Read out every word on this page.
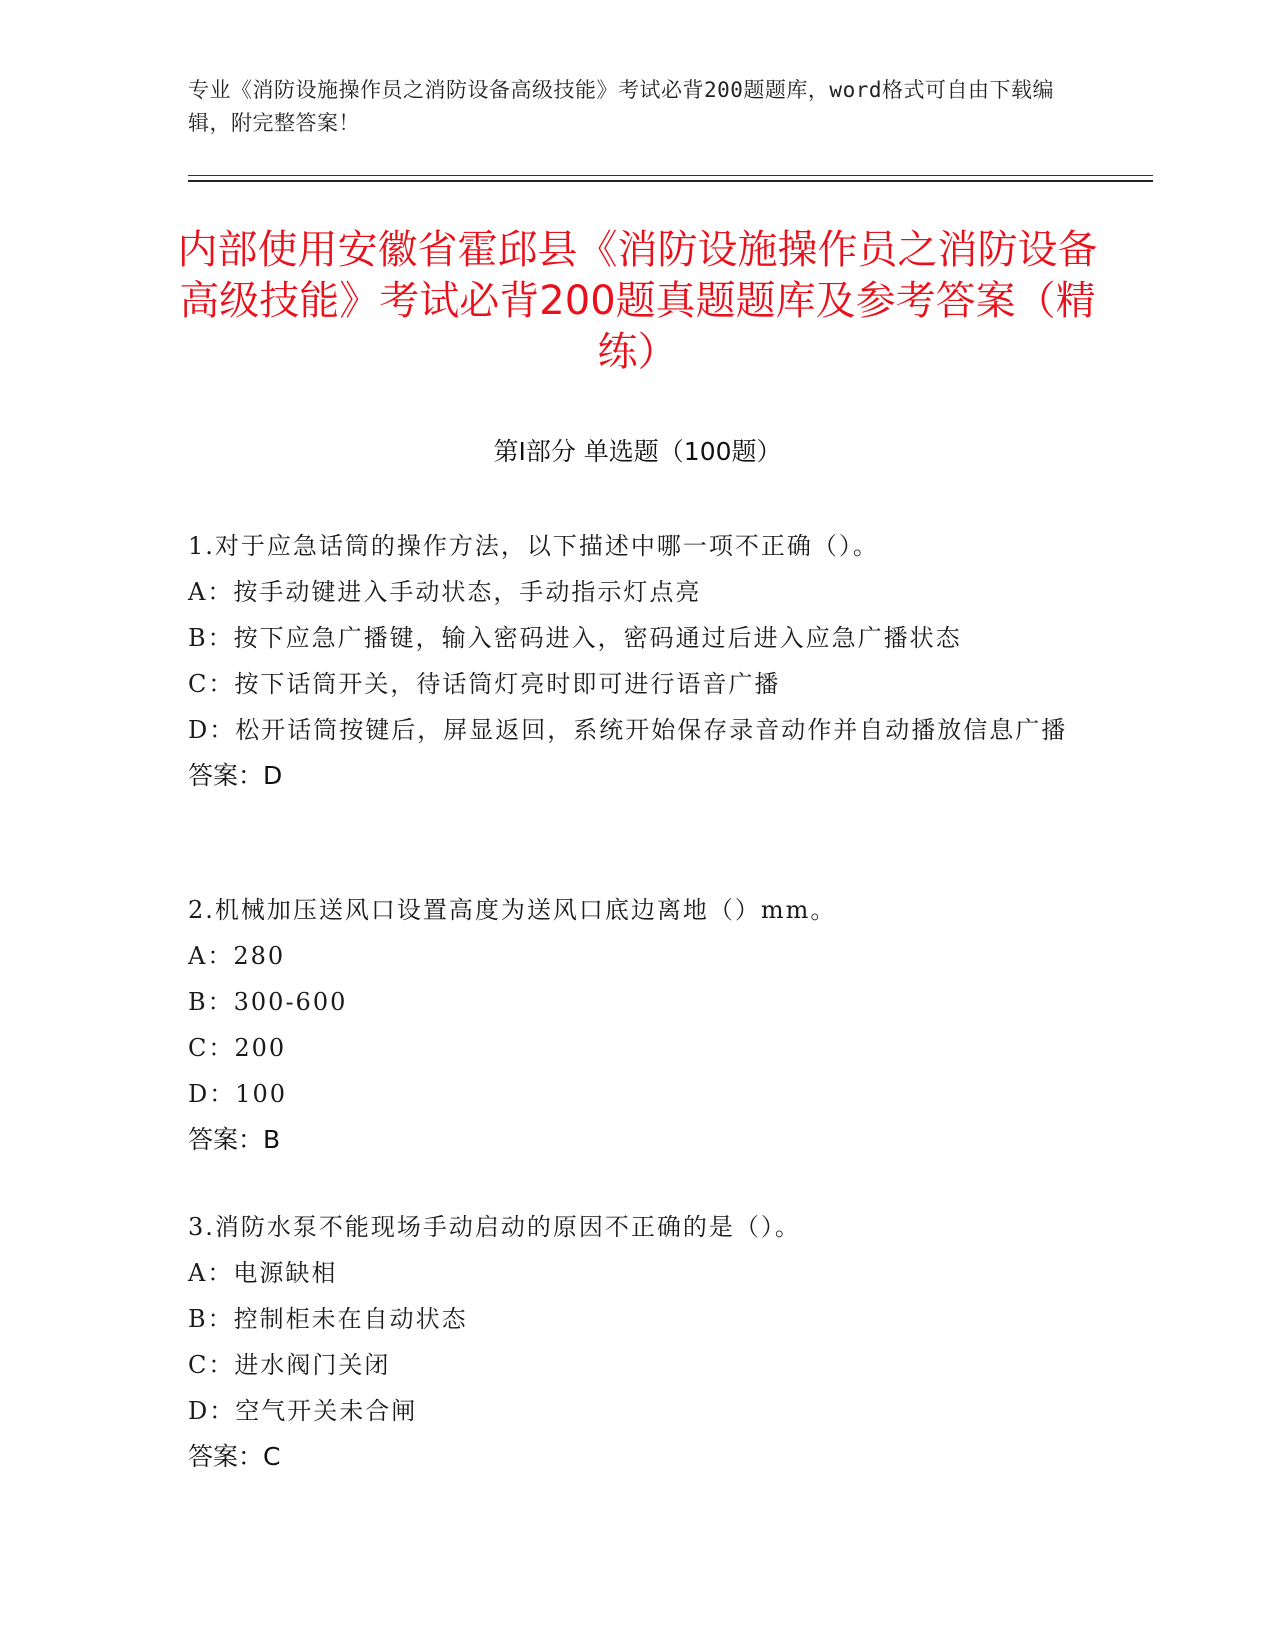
专业《消防设施操作员之消防设备高级技能》考试必背200题题库，word格式可自由下载编辑，附完整答案！
内部使用安徽省霍邱县《消防设施操作员之消防设备高级技能》考试必背200题真题题库及参考答案（精练）
第I部分 单选题（100题）

1.对于应急话筒的操作方法，以下描述中哪一项不正确（）。

A：按手动键进入手动状态，手动指示灯点亮

B：按下应急广播键，输入密码进入，密码通过后进入应急广播状态

C：按下话筒开关，待话筒灯亮时即可进行语音广播

D：松开话筒按键后，屏显返回，系统开始保存录音动作并自动播放信息广播

答案：D

2.机械加压送风口设置高度为送风口底边离地（）mm。

A：280

B：300-600

C：200

D：100

答案：B

3.消防水泵不能现场手动启动的原因不正确的是（）。

A：电源缺相

B：控制柜未在自动状态

C：进水阀门关闭

D：空气开关未合闸

答案：C
